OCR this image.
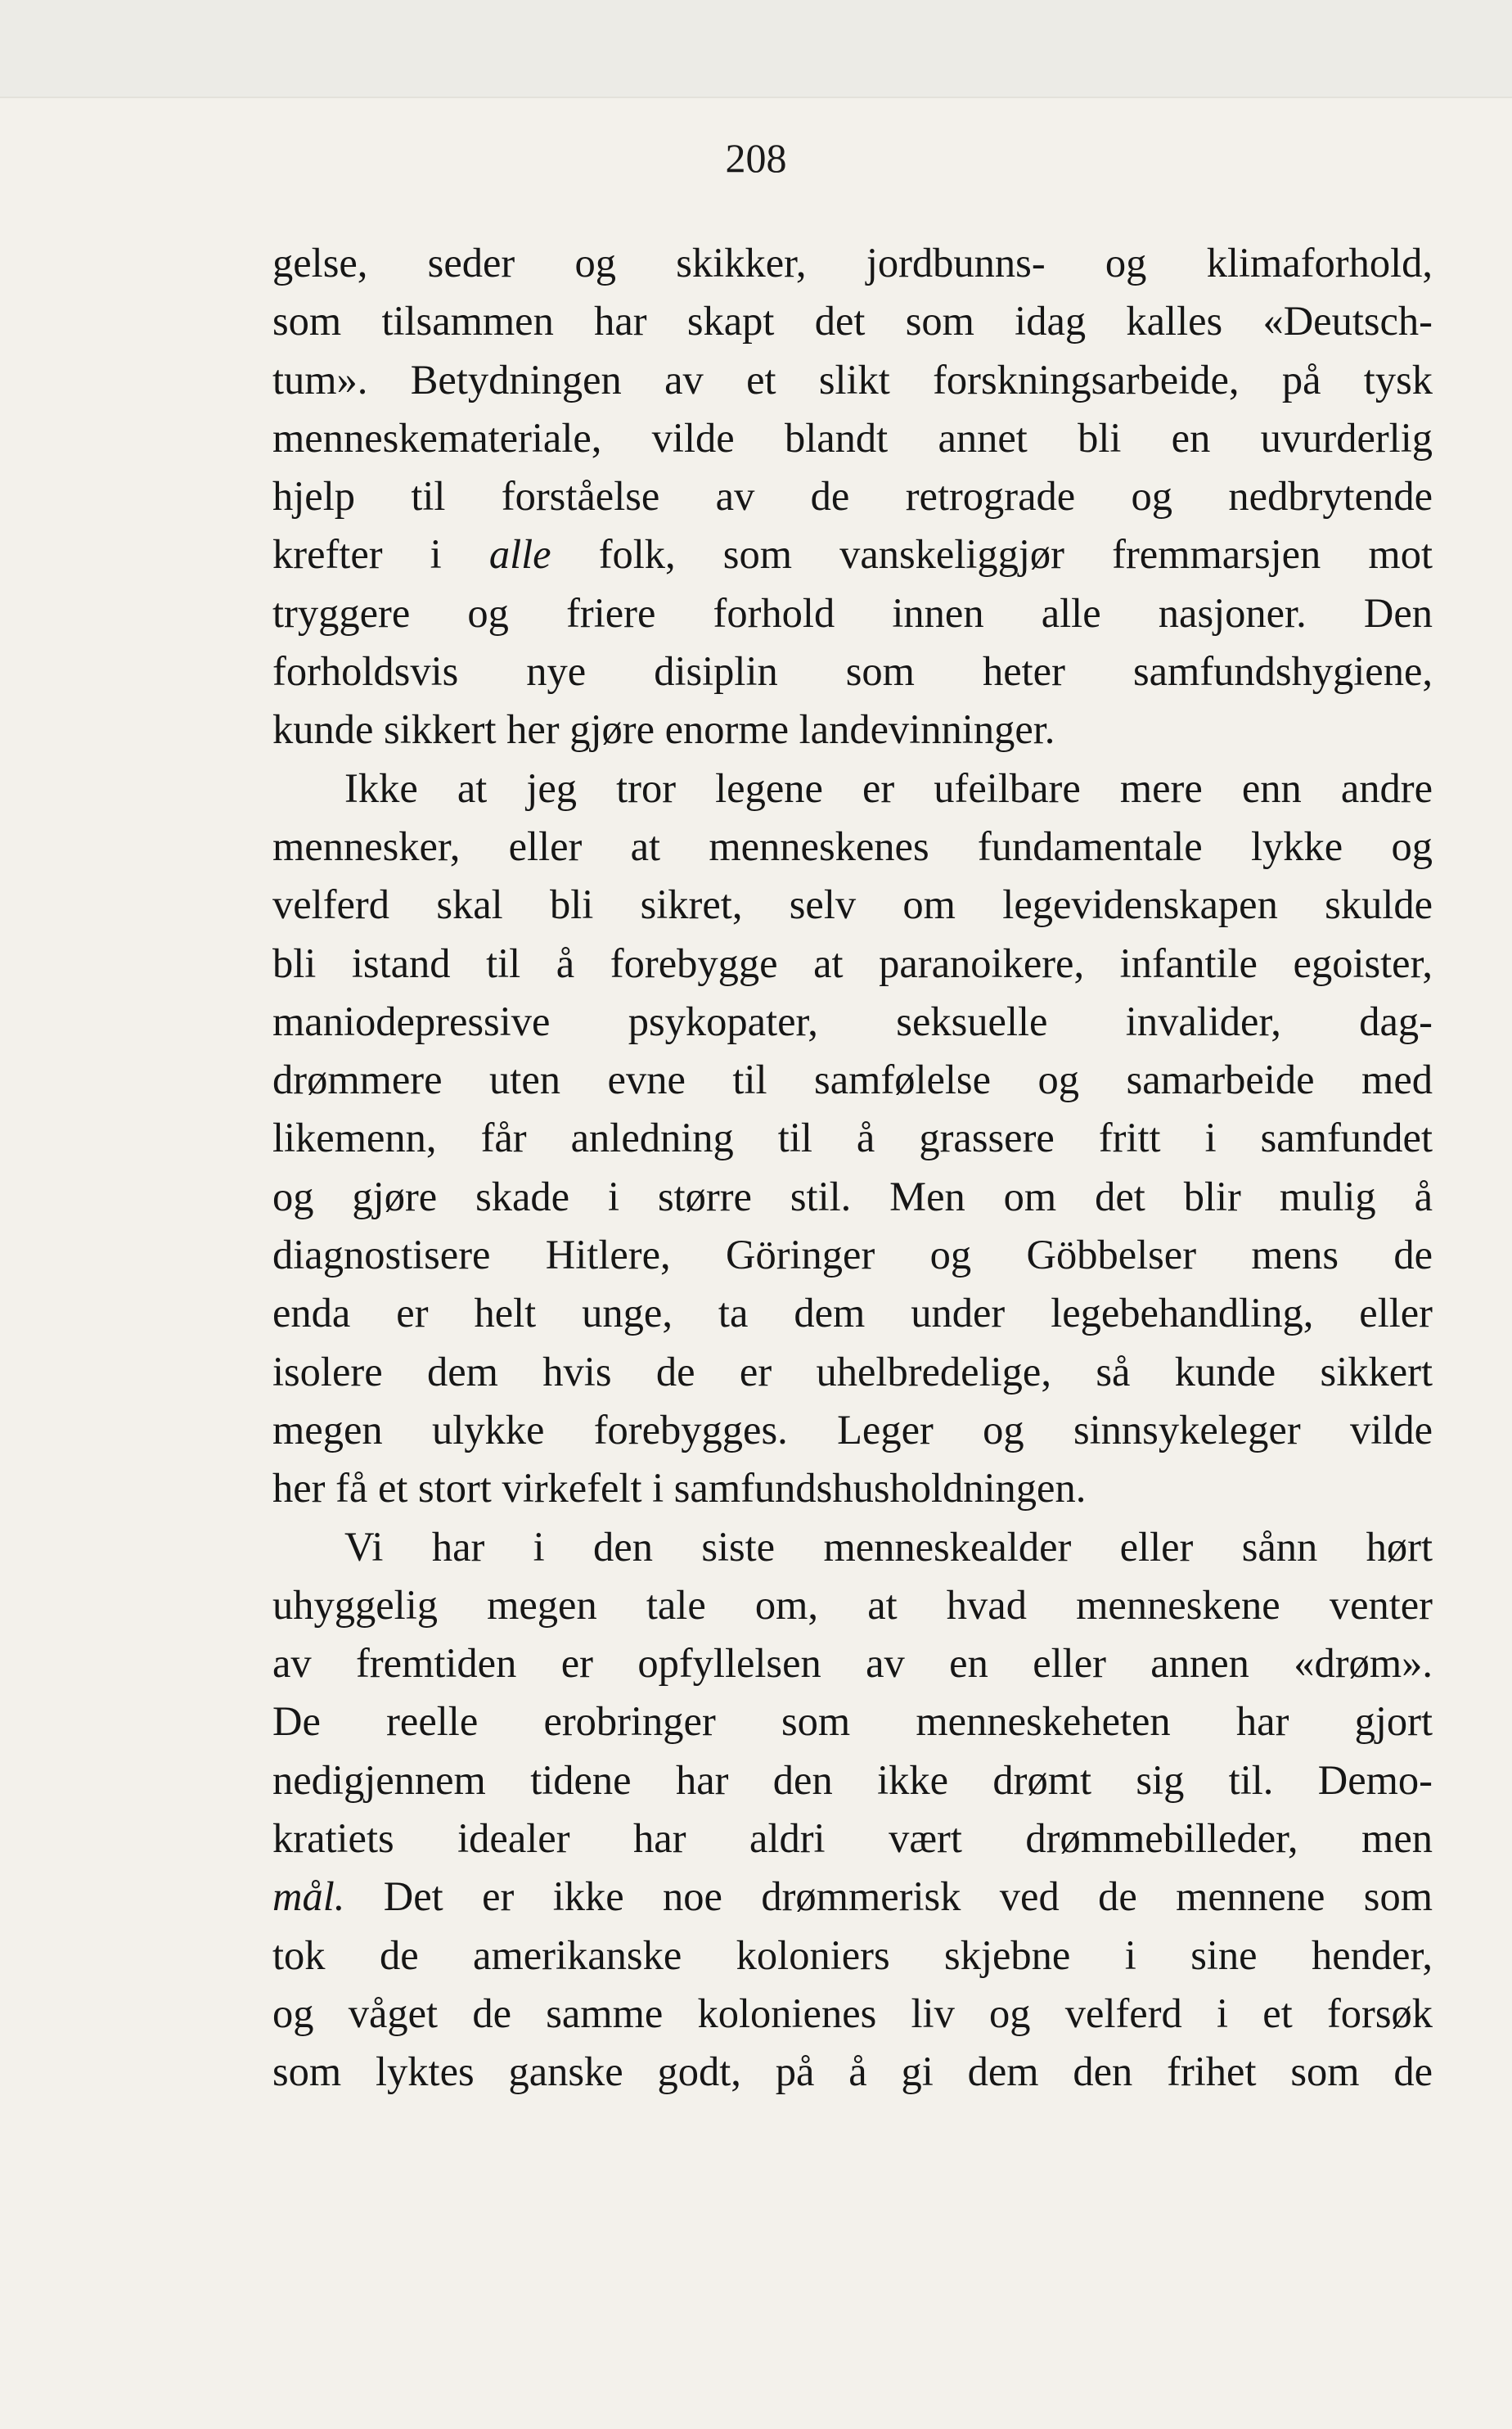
208
gelse, seder og skikker, jordbunns- og klimaforhold,
som tilsammen har skapt det som idag kalles «Deutsch-
tum». Betydningen av et slikt forskningsarbeide, på tysk
menneskemateriale, vilde blandt annet bli en uvurderlig
hjelp til forståelse av de retrograde og nedbrytende
krefter i alle folk, som vanskeliggjør fremmarsjen mot
tryggere og friere forhold innen alle nasjoner. Den
forholdsvis nye disiplin som heter samfundshygiene,
kunde sikkert her gjøre enorme landevinninger.
Ikke at jeg tror legene er ufeilbare mere enn andre
mennesker, eller at menneskenes fundamentale lykke og
velferd skal bli sikret, selv om legevidenskapen skulde
bli istand til å forebygge at paranoikere, infantile egoister,
maniodepressive psykopater, seksuelle invalider, dag-
drømmere uten evne til samfølelse og samarbeide med
likemenn, får anledning til å grassere fritt i samfundet
og gjøre skade i større stil. Men om det blir mulig å
diagnostisere Hitlere, Göringer og Göbbelser mens de
enda er helt unge, ta dem under legebehandling, eller
isolere dem hvis de er uhelbredelige, så kunde sikkert
megen ulykke forebygges. Leger og sinnsykeleger vilde
her få et stort virkefelt i samfundshusholdningen.
Vi har i den siste menneskealder eller sånn hørt
uhyggelig megen tale om, at hvad menneskene venter
av fremtiden er opfyllelsen av en eller annen «drøm».
De reelle erobringer som menneskeheten har gjort
nedigjennem tidene har den ikke drømt sig til. Demo-
kratiets idealer har aldri vært drømmebilleder, men
mål. Det er ikke noe drømmerisk ved de mennene som
tok de amerikanske koloniers skjebne i sine hender,
og våget de samme kolonienes liv og velferd i et forsøk
som lyktes ganske godt, på å gi dem den frihet som de
